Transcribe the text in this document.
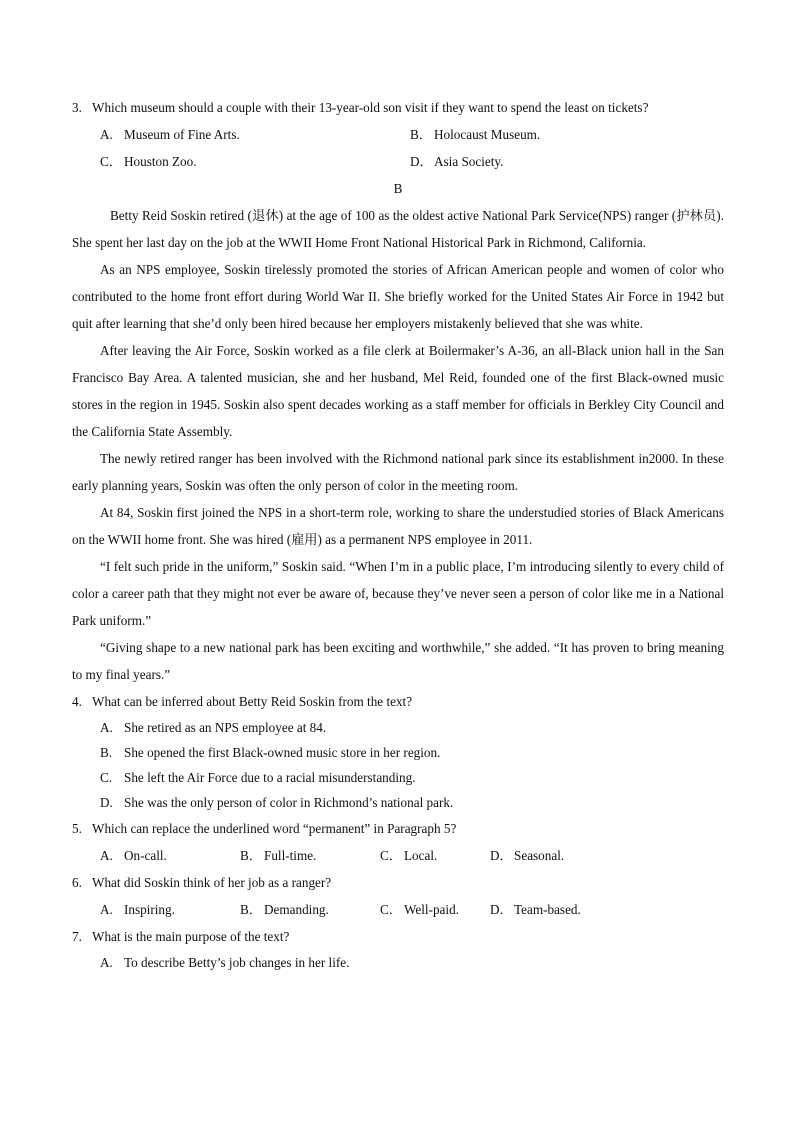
3. Which museum should a couple with their 13-year-old son visit if they want to spend the least on tickets?
A. Museum of Fine Arts.	B． Holocaust Museum.
C． Houston Zoo.	D． Asia Society.
B
Betty Reid Soskin retired (退休) at the age of 100 as the oldest active National Park Service(NPS) ranger (护林员). She spent her last day on the job at the WWII Home Front National Historical Park in Richmond, California.
As an NPS employee, Soskin tirelessly promoted the stories of African American people and women of color who contributed to the home front effort during World War II. She briefly worked for the United States Air Force in 1942 but quit after learning that she’d only been hired because her employers mistakenly believed that she was white.
After leaving the Air Force, Soskin worked as a file clerk at Boilermaker’s A-36, an all-Black union hall in the San Francisco Bay Area. A talented musician, she and her husband, Mel Reid, founded one of the first Black-owned music stores in the region in 1945. Soskin also spent decades working as a staff member for officials in Berkley City Council and the California State Assembly.
The newly retired ranger has been involved with the Richmond national park since its establishment in2000. In these early planning years, Soskin was often the only person of color in the meeting room.
At 84, Soskin first joined the NPS in a short-term role, working to share the understudied stories of Black Americans on the WWII home front. She was hired (雇用) as a permanent NPS employee in 2011.
“I felt such pride in the uniform,” Soskin said. “When I’m in a public place, I’m introducing silently to every child of color a career path that they might not ever be aware of, because they’ve never seen a person of color like me in a National Park uniform.”
“Giving shape to a new national park has been exciting and worthwhile,” she added. “It has proven to bring meaning to my final years.”
4. What can be inferred about Betty Reid Soskin from the text?
A. She retired as an NPS employee at 84.
B. She opened the first Black-owned music store in her region.
C. She left the Air Force due to a racial misunderstanding.
D. She was the only person of color in Richmond’s national park.
5. Which can replace the underlined word “permanent” in Paragraph 5?
A. On-call.	B． Full-time.	C． Local.	D． Seasonal.
6. What did Soskin think of her job as a ranger?
A. Inspiring.	B． Demanding.	C． Well-paid. D． Team-based.
7. What is the main purpose of the text?
A. To describe Betty’s job changes in her life.
